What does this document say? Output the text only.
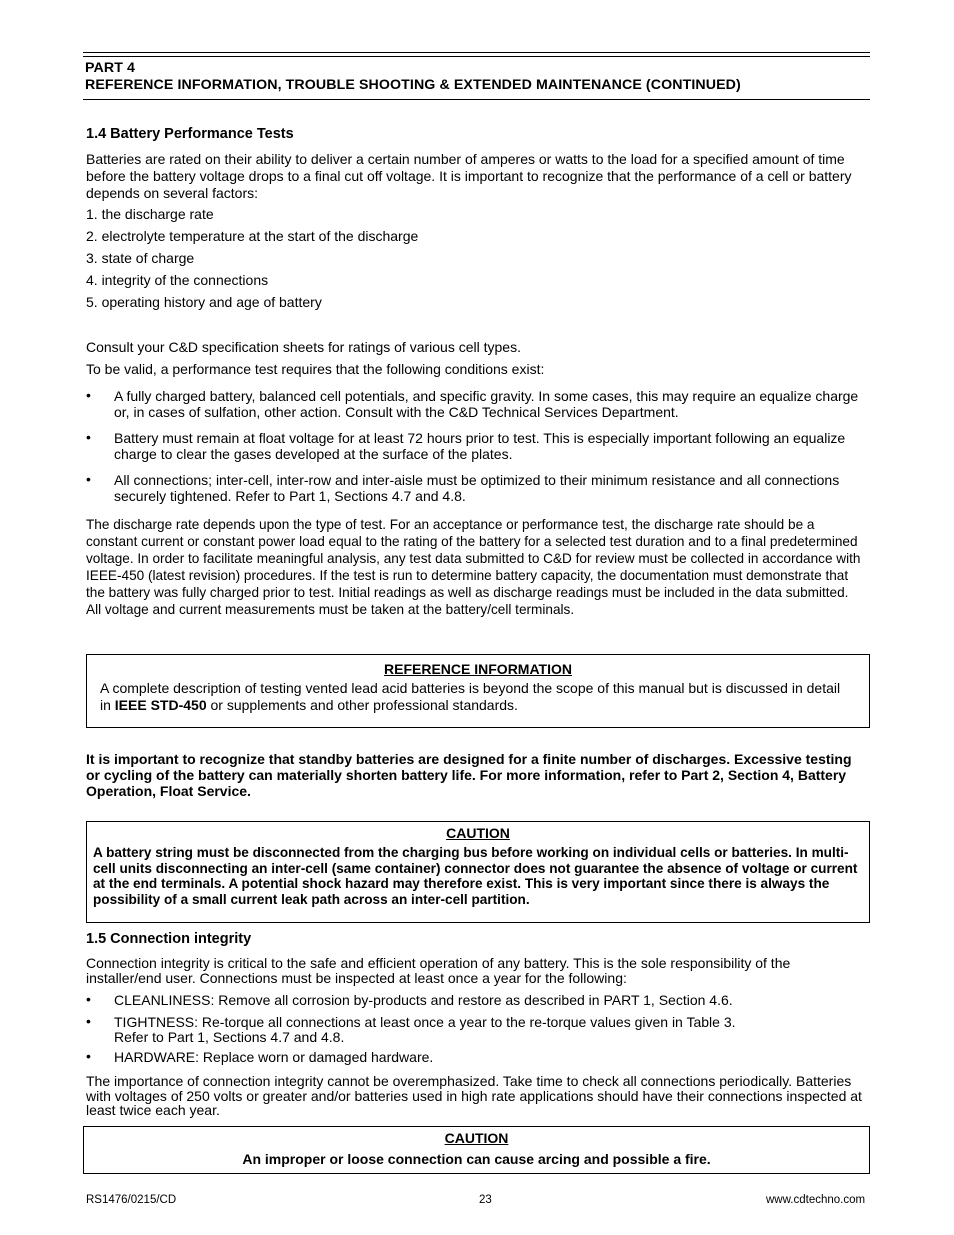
PART 4
REFERENCE INFORMATION, TROUBLE SHOOTING & EXTENDED MAINTENANCE (CONTINUED)
1.4 Battery Performance Tests
Batteries are rated on their ability to deliver a certain number of amperes or watts to the load for a specified amount of time before the battery voltage drops to a final cut off voltage. It is important to recognize that the performance of a cell or battery depends on several factors:
1. the discharge rate
2. electrolyte temperature at the start of the discharge
3. state of charge
4. integrity of the connections
5. operating history and age of battery
Consult your C&D specification sheets for ratings of various cell types.
To be valid, a performance test requires that the following conditions exist:
• A fully charged battery, balanced cell potentials, and specific gravity. In some cases, this may require an equalize charge or, in cases of sulfation, other action. Consult with the C&D Technical Services Department.
• Battery must remain at float voltage for at least 72 hours prior to test. This is especially important following an equalize charge to clear the gases developed at the surface of the plates.
• All connections; inter-cell, inter-row and inter-aisle must be optimized to their minimum resistance and all connections securely tightened. Refer to Part 1, Sections 4.7 and 4.8.
The discharge rate depends upon the type of test. For an acceptance or performance test, the discharge rate should be a constant current or constant power load equal to the rating of the battery for a selected test duration and to a final predetermined voltage. In order to facilitate meaningful analysis, any test data submitted to C&D for review must be collected in accordance with IEEE-450 (latest revision) procedures. If the test is run to determine battery capacity, the documentation must demonstrate that the battery was fully charged prior to test. Initial readings as well as discharge readings must be included in the data submitted. All voltage and current measurements must be taken at the battery/cell terminals.
REFERENCE INFORMATION
A complete description of testing vented lead acid batteries is beyond the scope of this manual but is discussed in detail in IEEE STD-450 or supplements and other professional standards.
It is important to recognize that standby batteries are designed for a finite number of discharges. Excessive testing or cycling of the battery can materially shorten battery life. For more information, refer to Part 2, Section 4, Battery Operation, Float Service.
CAUTION
A battery string must be disconnected from the charging bus before working on individual cells or batteries. In multi-cell units disconnecting an inter-cell (same container) connector does not guarantee the absence of voltage or current at the end terminals. A potential shock hazard may therefore exist. This is very important since there is always the possibility of a small current leak path across an inter-cell partition.
1.5 Connection integrity
Connection integrity is critical to the safe and efficient operation of any battery. This is the sole responsibility of the installer/end user. Connections must be inspected at least once a year for the following:
• CLEANLINESS: Remove all corrosion by-products and restore as described in PART 1, Section 4.6.
• TIGHTNESS: Re-torque all connections at least once a year to the re-torque values given in Table 3.
Refer to Part 1, Sections 4.7 and 4.8.
• HARDWARE: Replace worn or damaged hardware.
The importance of connection integrity cannot be overemphasized. Take time to check all connections periodically. Batteries with voltages of 250 volts or greater and/or batteries used in high rate applications should have their connections inspected at least twice each year.
CAUTION
An improper or loose connection can cause arcing and possible a fire.
RS1476/0215/CD	23	www.cdtechno.com
